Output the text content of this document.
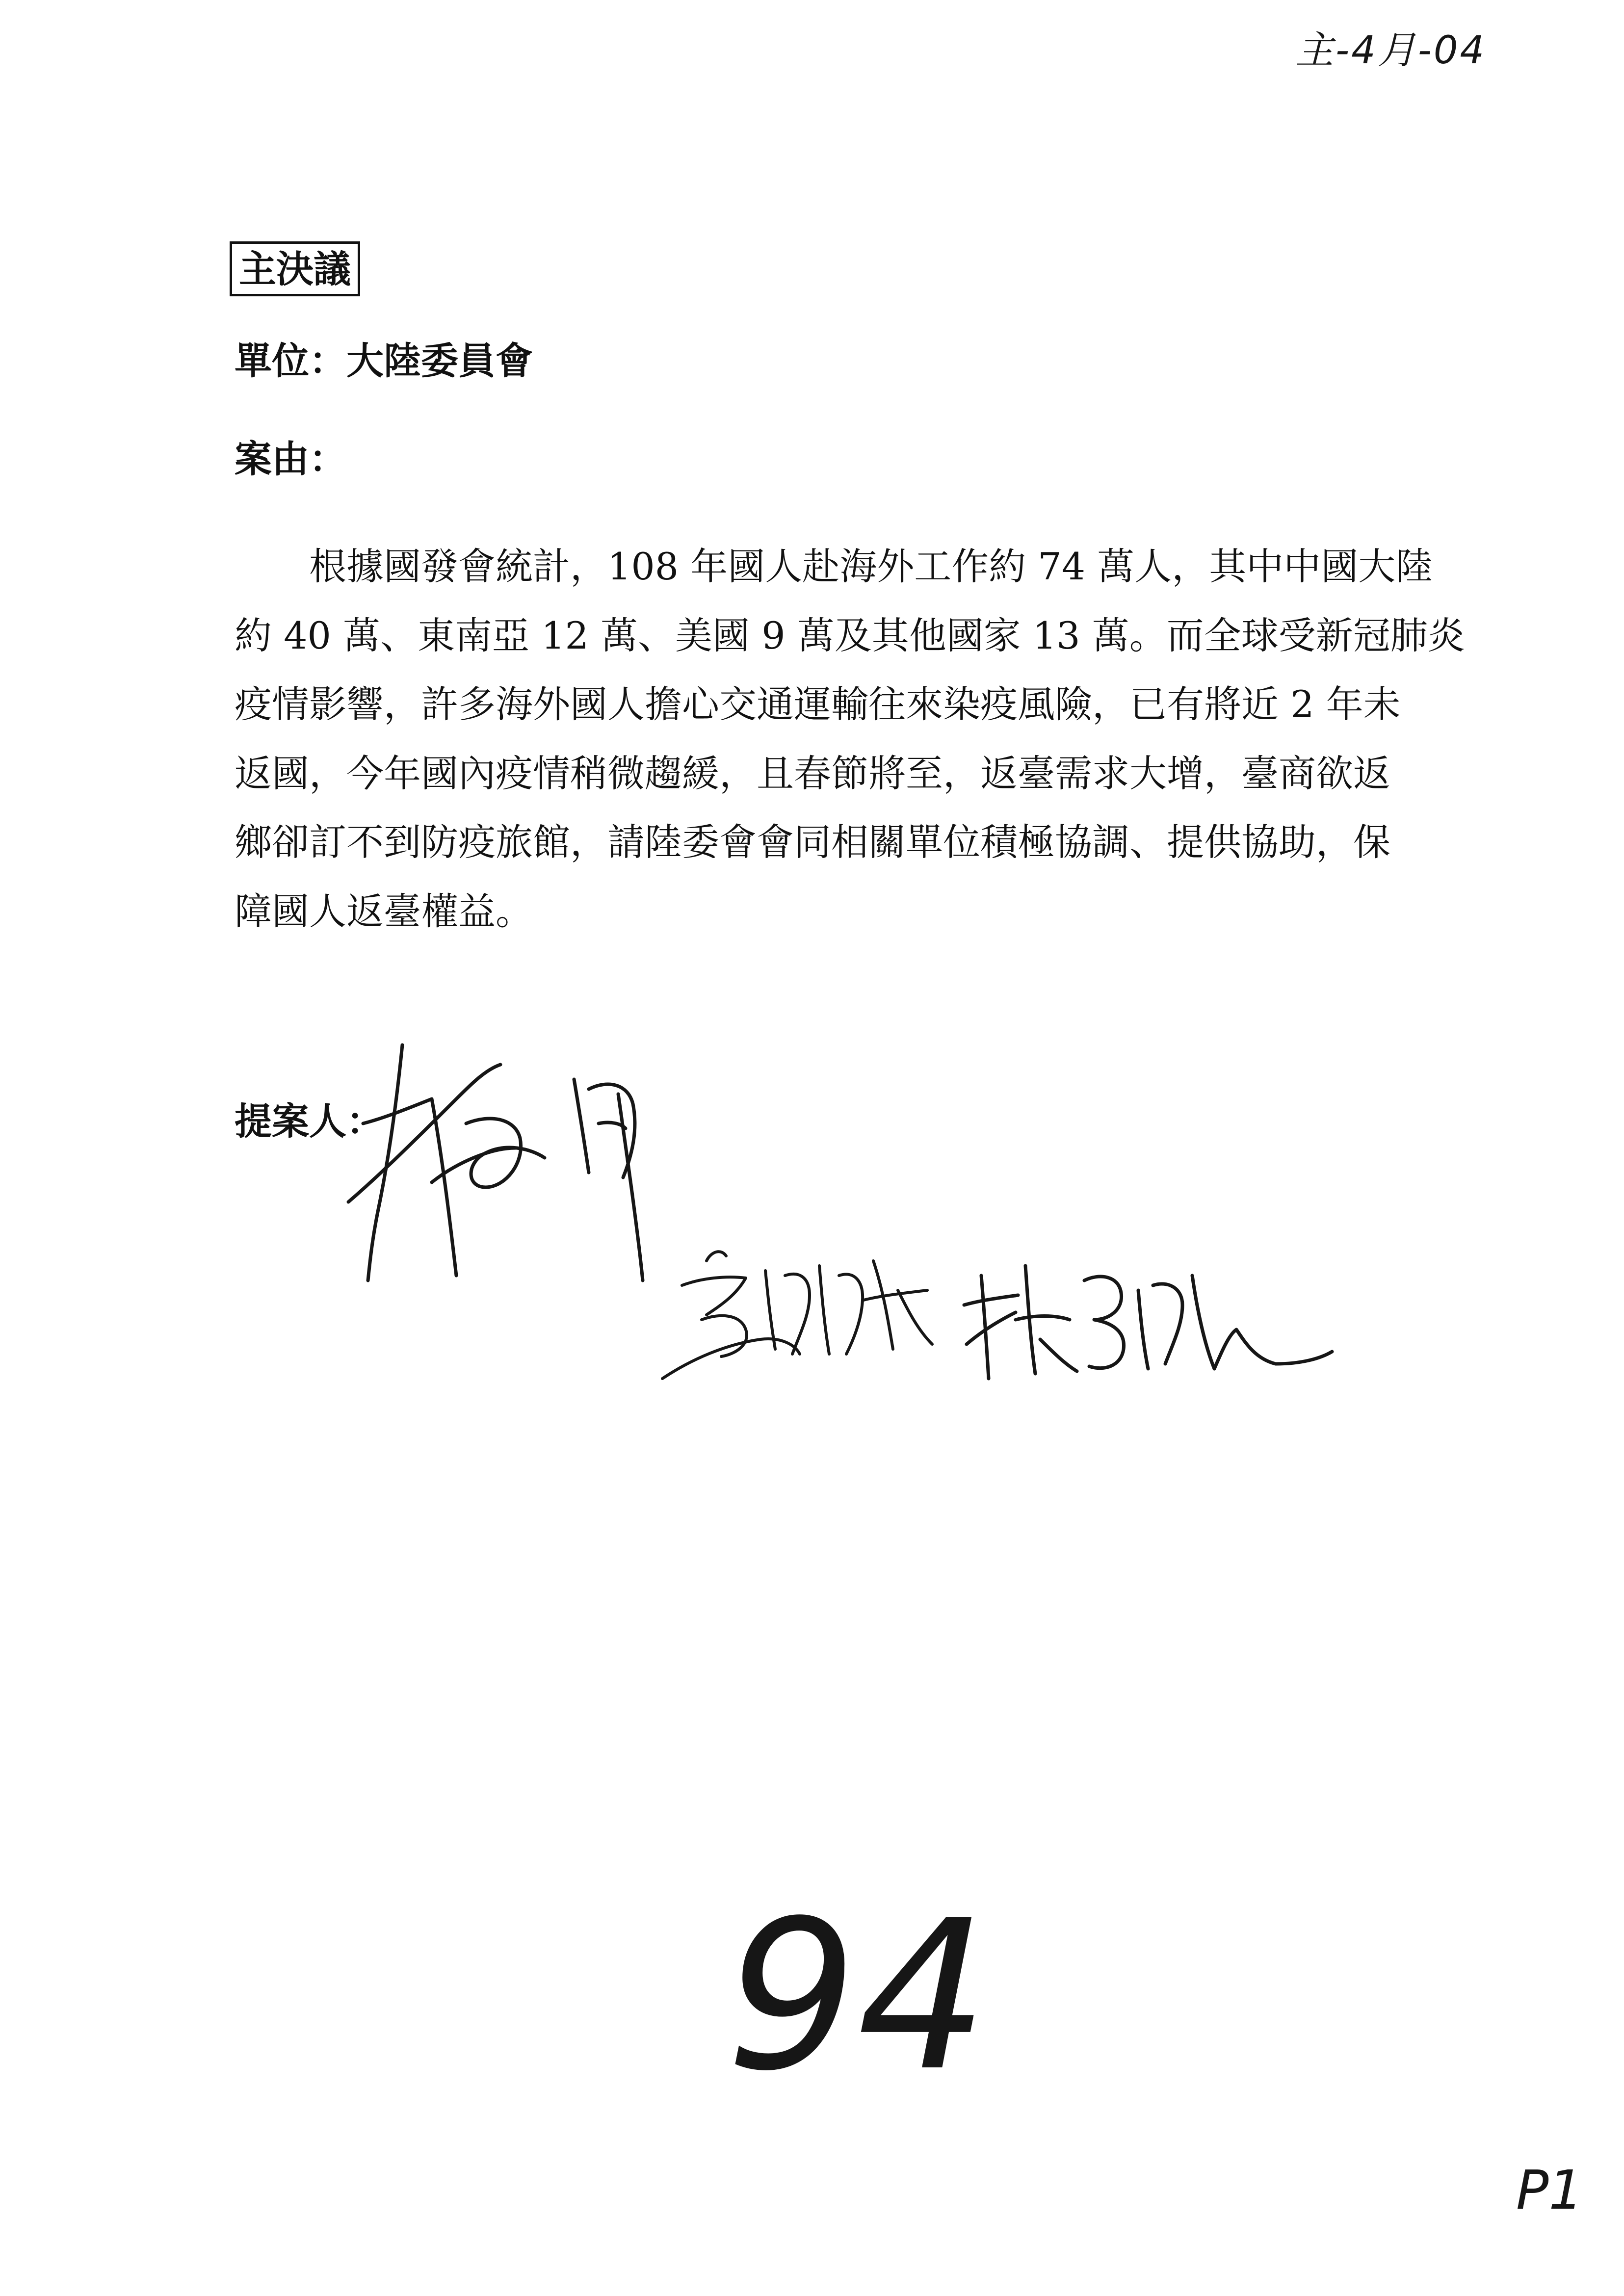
主-4月-04
主決議
單位：大陸委員會
案由：
　　根據國發會統計，108 年國人赴海外工作約 74 萬人，其中中國大陸
約 40 萬、東南亞 12 萬、美國 9 萬及其他國家 13 萬。而全球受新冠肺炎
疫情影響，許多海外國人擔心交通運輸往來染疫風險，已有將近 2 年未
返國，今年國內疫情稍微趨緩，且春節將至，返臺需求大增，臺商欲返
鄉卻訂不到防疫旅館，請陸委會會同相關單位積極協調、提供協助，保
障國人返臺權益。
提案人：
94
P1
